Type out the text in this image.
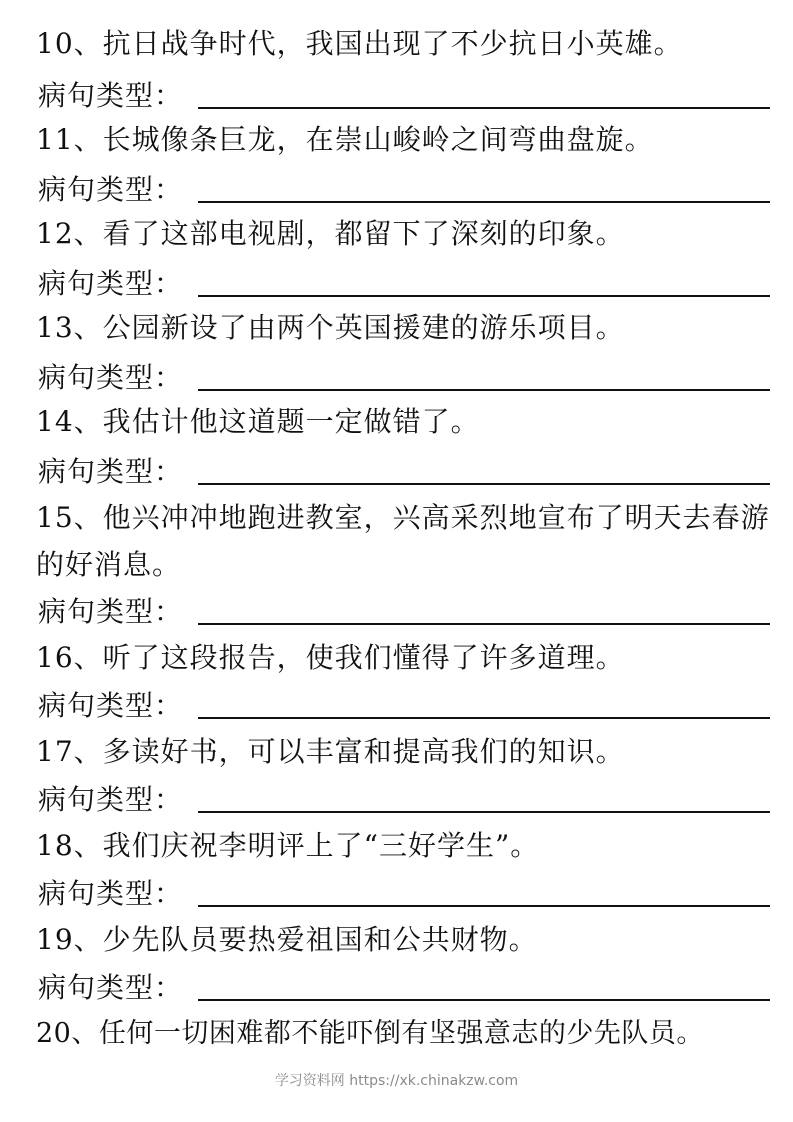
10、抗日战争时代，我国出现了不少抗日小英雄。
病句类型：
11、长城像条巨龙，在崇山峻岭之间弯曲盘旋。
病句类型：
12、看了这部电视剧，都留下了深刻的印象。
病句类型：
13、公园新设了由两个英国援建的游乐项目。
病句类型：
14、我估计他这道题一定做错了。
病句类型：
15、他兴冲冲地跑进教室，兴高采烈地宣布了明天去春游的好消息。
病句类型：
16、听了这段报告，使我们懂得了许多道理。
病句类型：
17、多读好书，可以丰富和提高我们的知识。
病句类型：
18、我们庆祝李明评上了“三好学生”。
病句类型：
19、少先队员要热爱祖国和公共财物。
病句类型：
20、任何一切困难都不能吓倒有坚强意志的少先队员。
学习资料网 https://xk.chinakzw.com
